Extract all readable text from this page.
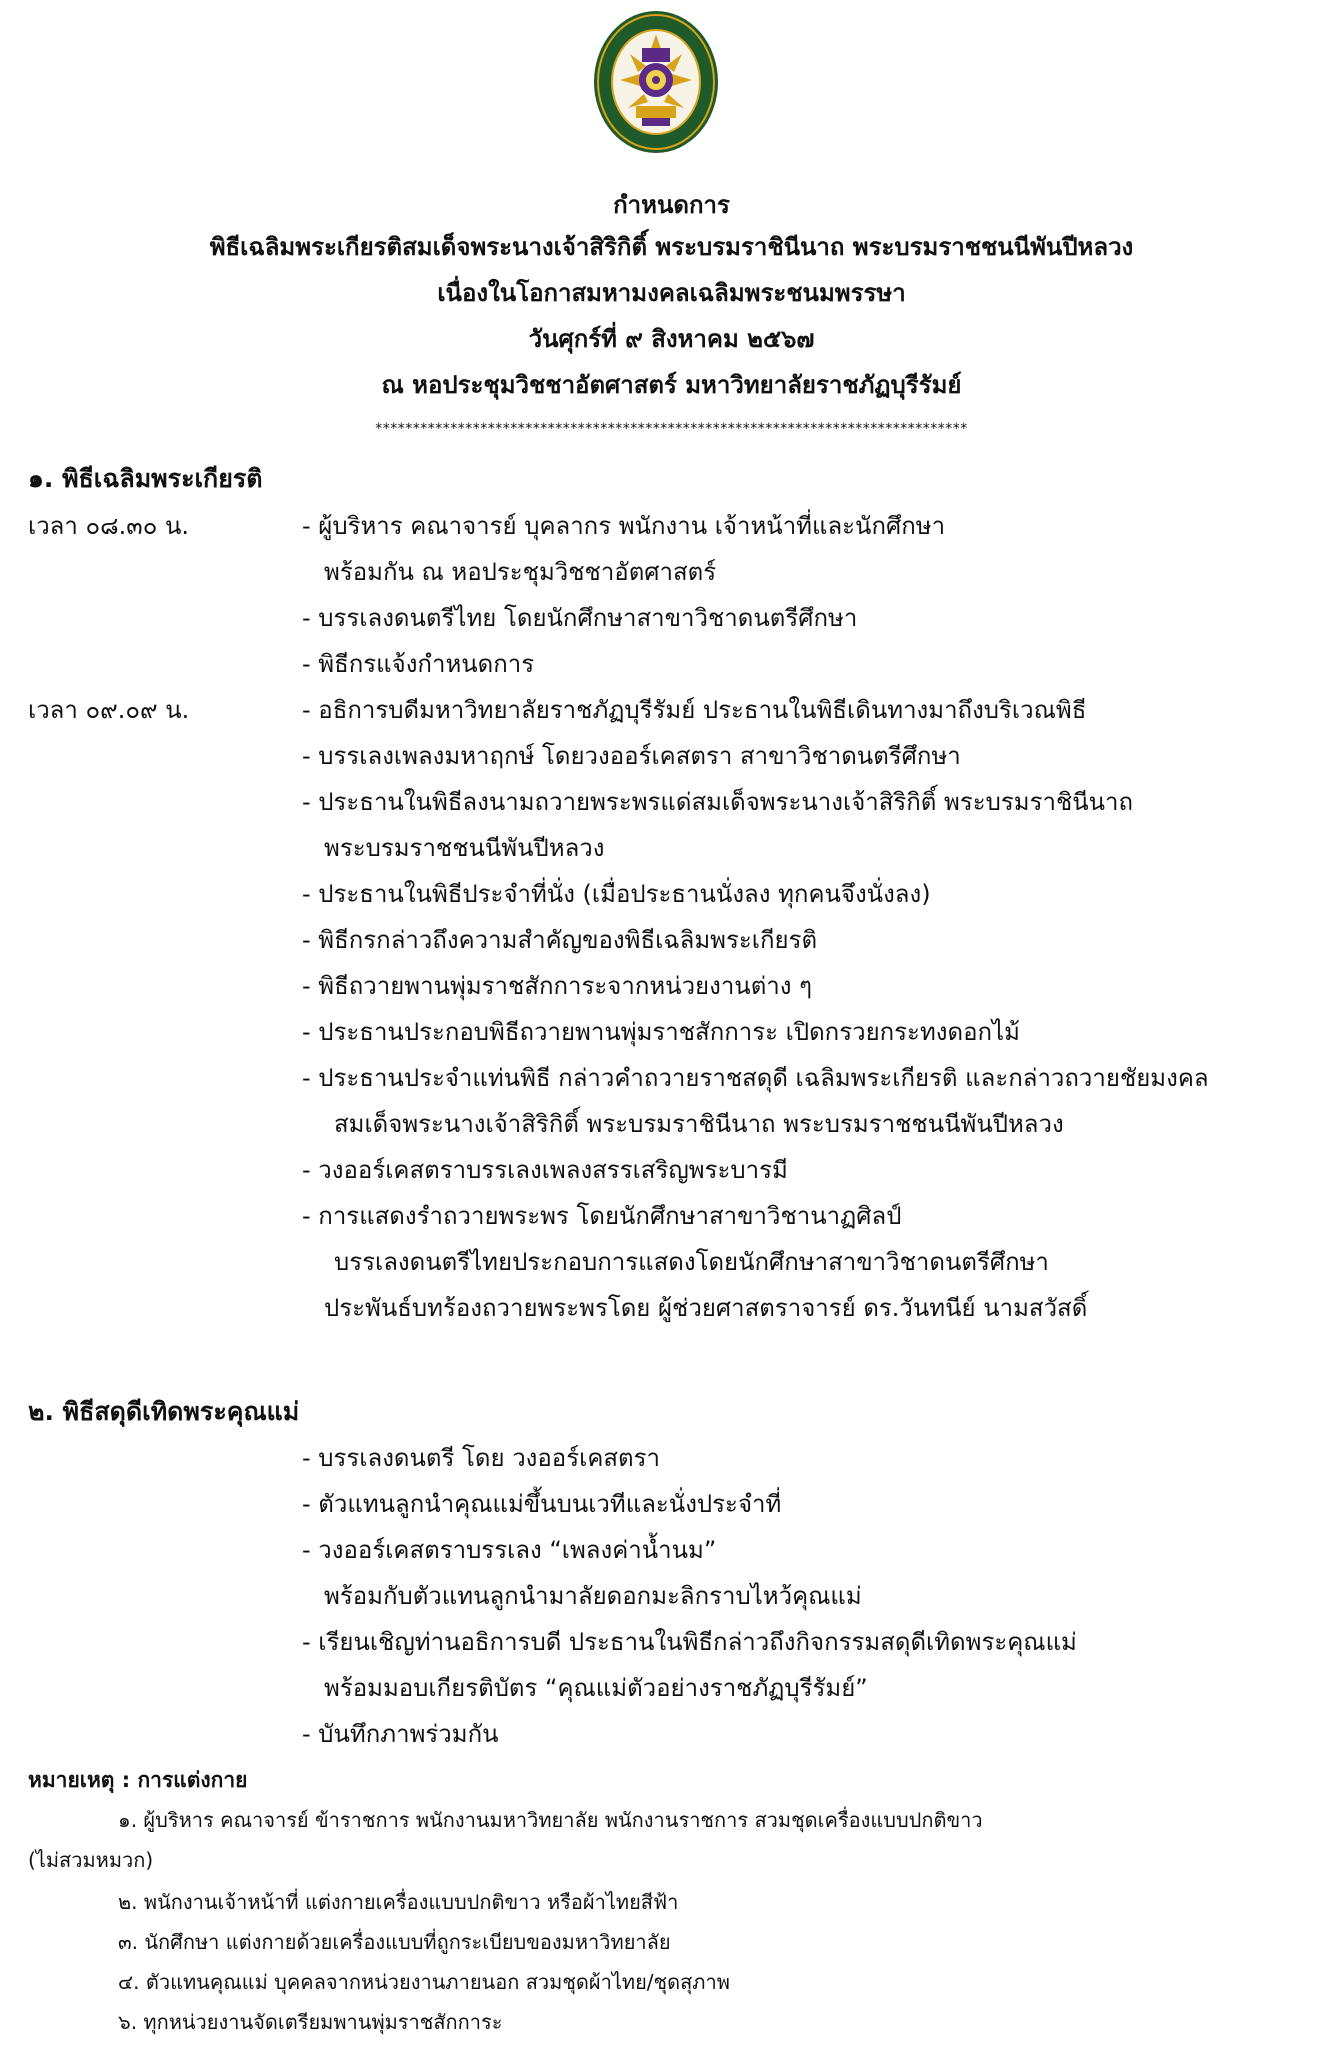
กำหนดการ
พิธีเฉลิมพระเกียรติสมเด็จพระนางเจ้าสิริกิติ์ พระบรมราชินีนาถ พระบรมราชชนนีพันปีหลวง
เนื่องในโอกาสมหามงคลเฉลิมพระชนมพรรษา
วันศุกร์ที่ ๙ สิงหาคม ๒๕๖๗
ณ หอประชุมวิชชาอัตศาสตร์ มหาวิทยาลัยราชภัฏบุรีรัมย์
*******************************************************************************
๑. พิธีเฉลิมพระเกียรติ
เวลา ๐๘.๓๐ น.	- ผู้บริหาร คณาจารย์ บุคลากร พนักงาน เจ้าหน้าที่และนักศึกษา
พร้อมกัน ณ หอประชุมวิชชาอัตศาสตร์
- บรรเลงดนตรีไทย โดยนักศึกษาสาขาวิชาดนตรีศึกษา
- พิธีกรแจ้งกำหนดการ
เวลา ๐๙.๐๙ น.	- อธิการบดีมหาวิทยาลัยราชภัฏบุรีรัมย์ ประธานในพิธีเดินทางมาถึงบริเวณพิธี
- บรรเลงเพลงมหาฤกษ์ โดยวงออร์เคสตรา สาขาวิชาดนตรีศึกษา
- ประธานในพิธีลงนามถวายพระพรแด่สมเด็จพระนางเจ้าสิริกิติ์ พระบรมราชินีนาถ
พระบรมราชชนนีพันปีหลวง
- ประธานในพิธีประจำที่นั่ง (เมื่อประธานนั่งลง ทุกคนจึงนั่งลง)
- พิธีกรกล่าวถึงความสำคัญของพิธีเฉลิมพระเกียรติ
- พิธีถวายพานพุ่มราชสักการะจากหน่วยงานต่าง ๆ
- ประธานประกอบพิธีถวายพานพุ่มราชสักการะ เปิดกรวยกระทงดอกไม้
- ประธานประจำแท่นพิธี กล่าวคำถวายราชสดุดี เฉลิมพระเกียรติ และกล่าวถวายชัยมงคล
สมเด็จพระนางเจ้าสิริกิติ์ พระบรมราชินีนาถ พระบรมราชชนนีพันปีหลวง
- วงออร์เคสตราบรรเลงเพลงสรรเสริญพระบารมี
- การแสดงรำถวายพระพร โดยนักศึกษาสาขาวิชานาฏศิลป์
บรรเลงดนตรีไทยประกอบการแสดงโดยนักศึกษาสาขาวิชาดนตรีศึกษา
ประพันธ์บทร้องถวายพระพรโดย ผู้ช่วยศาสตราจารย์ ดร.วันทนีย์ นามสวัสดิ์
๒. พิธีสดุดีเทิดพระคุณแม่
- บรรเลงดนตรี โดย วงออร์เคสตรา
- ตัวแทนลูกนำคุณแม่ขึ้นบนเวทีและนั่งประจำที่
- วงออร์เคสตราบรรเลง “เพลงค่าน้ำนม”
พร้อมกับตัวแทนลูกนำมาลัยดอกมะลิกราบไหว้คุณแม่
- เรียนเชิญท่านอธิการบดี ประธานในพิธีกล่าวถึงกิจกรรมสดุดีเทิดพระคุณแม่
พร้อมมอบเกียรติบัตร “คุณแม่ตัวอย่างราชภัฏบุรีรัมย์”
- บันทึกภาพร่วมกัน
หมายเหตุ : การแต่งกาย
๑. ผู้บริหาร คณาจารย์ ข้าราชการ พนักงานมหาวิทยาลัย พนักงานราชการ สวมชุดเครื่องแบบปกติขาว
(ไม่สวมหมวก)
๒. พนักงานเจ้าหน้าที่ แต่งกายเครื่องแบบปกติขาว หรือผ้าไทยสีฟ้า
๓. นักศึกษา แต่งกายด้วยเครื่องแบบที่ถูกระเบียบของมหาวิทยาลัย
๔. ตัวแทนคุณแม่ บุคคลจากหน่วยงานภายนอก สวมชุดผ้าไทย/ชุดสุภาพ
๖. ทุกหน่วยงานจัดเตรียมพานพุ่มราชสักการะ
